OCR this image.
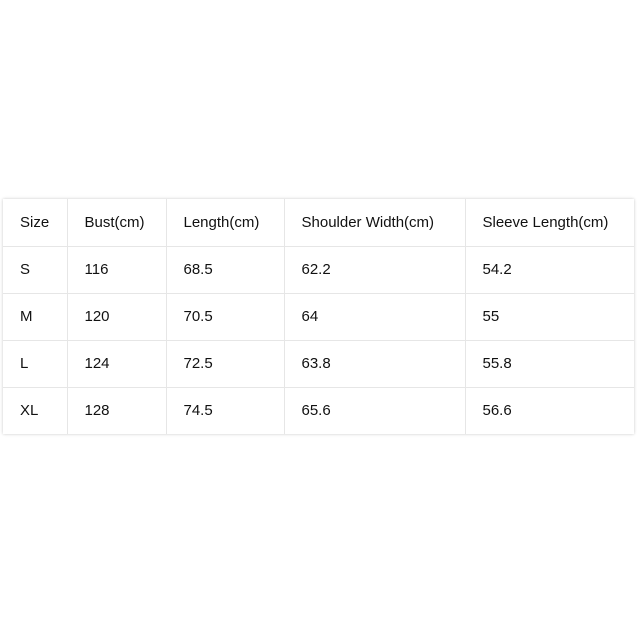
Size	Bust(cm)	Length(cm)	Shoulder Width(cm)	Sleeve Length(cm)
S	116	68.5	62.2	54.2
M	120	70.5	64	55
L	124	72.5	63.8	55.8
XL	128	74.5	65.6	56.6
